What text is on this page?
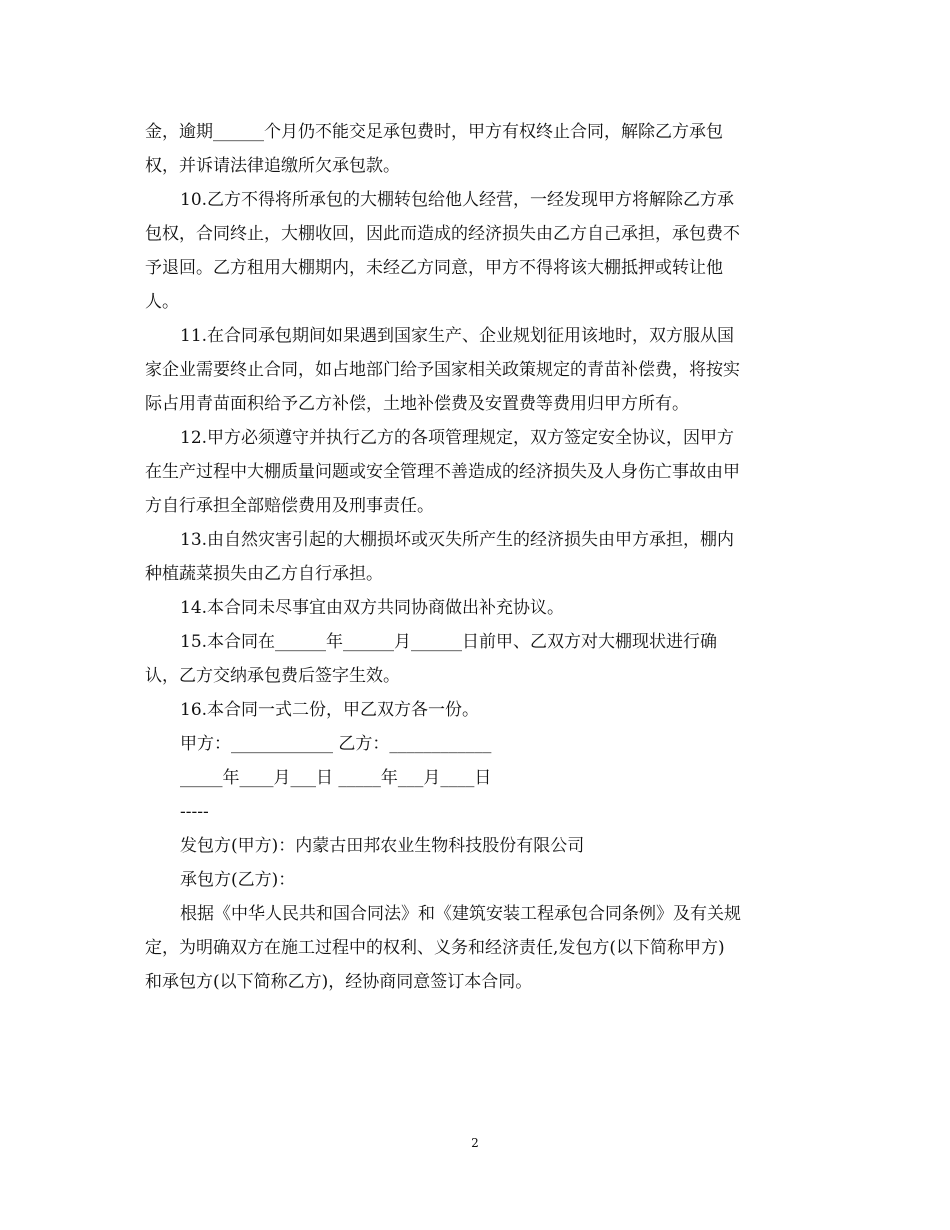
金，逾期______个月仍不能交足承包费时，甲方有权终止合同，解除乙方承包
权，并诉请法律追缴所欠承包款。
10.乙方不得将所承包的大棚转包给他人经营，一经发现甲方将解除乙方承
包权，合同终止，大棚收回，因此而造成的经济损失由乙方自己承担，承包费不
予退回。乙方租用大棚期内，未经乙方同意，甲方不得将该大棚抵押或转让他
人。
11.在合同承包期间如果遇到国家生产、企业规划征用该地时，双方服从国
家企业需要终止合同，如占地部门给予国家相关政策规定的青苗补偿费，将按实
际占用青苗面积给予乙方补偿，土地补偿费及安置费等费用归甲方所有。
12.甲方必须遵守并执行乙方的各项管理规定，双方签定安全协议，因甲方
在生产过程中大棚质量问题或安全管理不善造成的经济损失及人身伤亡事故由甲
方自行承担全部赔偿费用及刑事责任。
13.由自然灾害引起的大棚损坏或灭失所产生的经济损失由甲方承担，棚内
种植蔬菜损失由乙方自行承担。
14.本合同未尽事宜由双方共同协商做出补充协议。
15.本合同在______年______月______日前甲、乙双方对大棚现状进行确
认，乙方交纳承包费后签字生效。
16.本合同一式二份，甲乙双方各一份。
甲方：____________ 乙方：____________
_____年____月___日 _____年___月____日
-----
发包方(甲方)：内蒙古田邦农业生物科技股份有限公司
承包方(乙方)：
根据《中华人民共和国合同法》和《建筑安装工程承包合同条例》及有关规
定，为明确双方在施工过程中的权利、义务和经济责任,发包方(以下简称甲方)
和承包方(以下简称乙方)，经协商同意签订本合同。
2
